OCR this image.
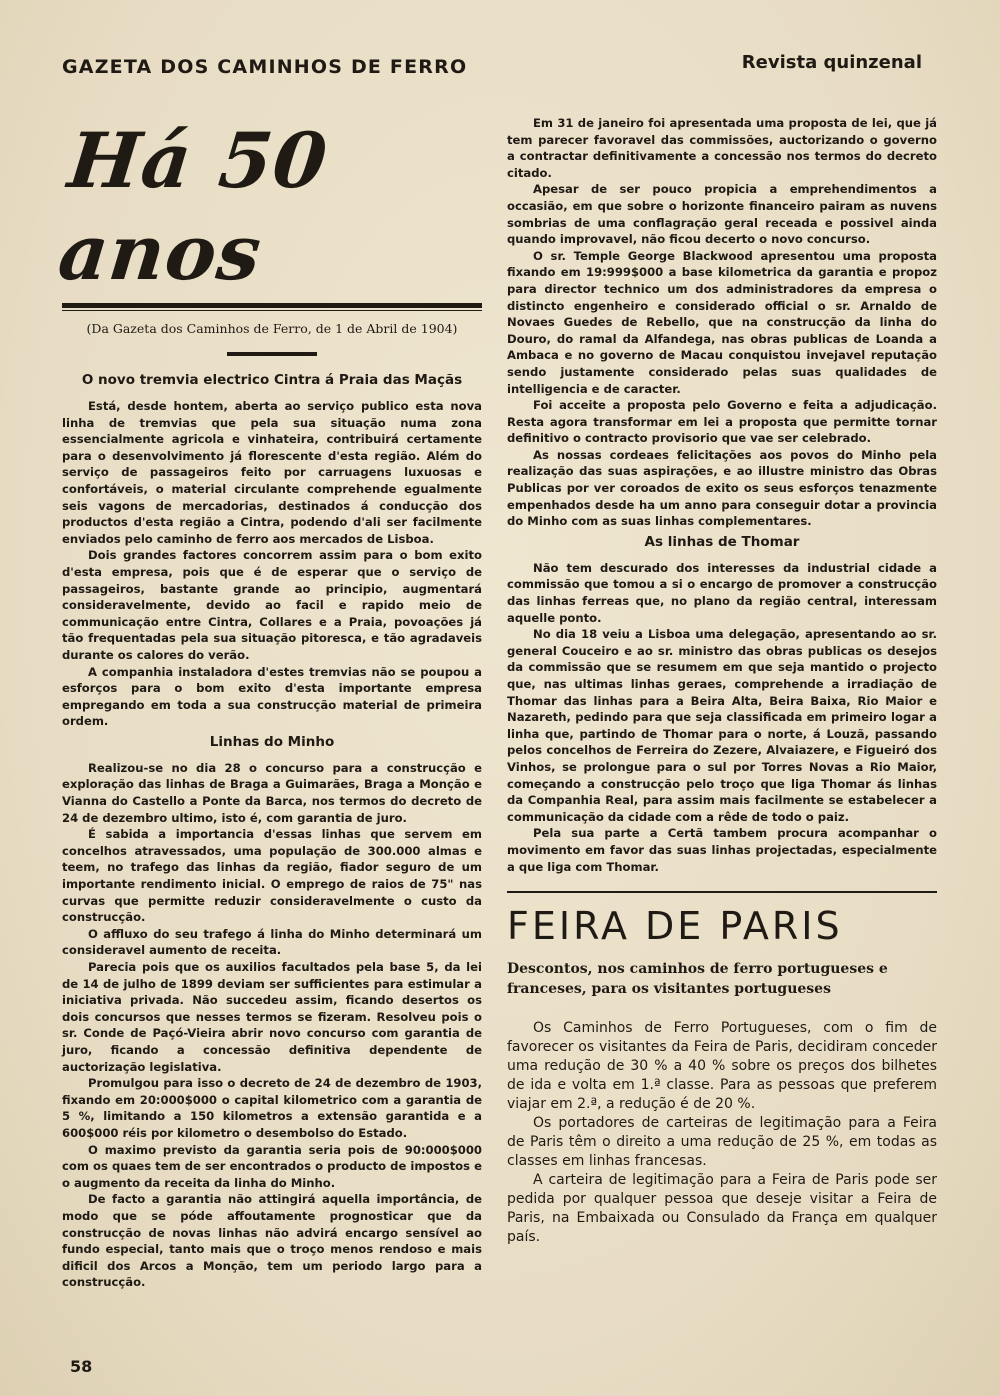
GAZETA DOS CAMINHOS DE FERRO	Revista quinzenal
Há 50 anos
(Da Gazeta dos Caminhos de Ferro, de 1 de Abril de 1904)
O novo tremvia electrico Cintra á Praia das Maçãs

Está, desde hontem, aberta ao serviço publico esta nova linha de tremvias que pela sua situação numa zona essencialmente agricola e vinhateira, contribuirá certamente para o desenvolvimento já florescente d'esta região. Além do serviço de passageiros feito por carruagens luxuosas e confortáveis, o material circulante comprehende egualmente seis vagons de mercadorias, destinados á conducção dos productos d'esta região a Cintra, podendo d'ali ser facilmente enviados pelo caminho de ferro aos mercados de Lisboa.

Dois grandes factores concorrem assim para o bom exito d'esta empresa, pois que é de esperar que o serviço de passageiros, bastante grande ao principio, augmentará consideravelmente, devido ao facil e rapido meio de communicação entre Cintra, Collares e a Praia, povoações já tão frequentadas pela sua situação pitoresca, e tão agradaveis durante os calores do verão.

A companhia instaladora d'estes tremvias não se poupou a esforços para o bom exito d'esta importante empresa empregando em toda a sua construcção material de primeira ordem.

Linhas do Minho

Realizou-se no dia 28 o concurso para a construcção e exploração das linhas de Braga a Guimarães, Braga a Monção e Vianna do Castello a Ponte da Barca, nos termos do decreto de 24 de dezembro ultimo, isto é, com garantia de juro.

É sabida a importancia d'essas linhas que servem em concelhos atravessados, uma população de 300.000 almas e teem, no trafego das linhas da região, fiador seguro de um importante rendimento inicial. O emprego de raios de 75" nas curvas que permitte reduzir consideravelmente o custo da construcção.

O affluxo do seu trafego á linha do Minho determinará um consideravel aumento de receita.

Parecia pois que os auxilios facultados pela base 5, da lei de 14 de julho de 1899 deviam ser sufficientes para estimular a iniciativa privada. Não succedeu assim, ficando desertos os dois concursos que nesses termos se fizeram. Resolveu pois o sr. Conde de Paçó-Vieira abrir novo concurso com garantia de juro, ficando a concessão definitiva dependente de auctorização legislativa.

Promulgou para isso o decreto de 24 de dezembro de 1903, fixando em 20:000$000 o capital kilometrico com a garantia de 5 %, limitando a 150 kilometros a extensão garantida e a 600$000 réis por kilometro o desembolso do Estado.

O maximo previsto da garantia seria pois de 90:000$000 com os quaes tem de ser encontrados o producto de impostos e o augmento da receita da linha do Minho.

De facto a garantia não attingirá aquella importância, de modo que se póde affoutamente prognosticar que da construcção de novas linhas não advirá encargo sensível ao fundo especial, tanto mais que o troço menos rendoso e mais dificil dos Arcos a Monção, tem um periodo largo para a construcção.

Em 31 de janeiro foi apresentada uma proposta de lei, que já tem parecer favoravel das commissões, auctorizando o governo a contractar definitivamente a concessão nos termos do decreto citado.

Apesar de ser pouco propicia a emprehendimentos a occasião, em que sobre o horizonte financeiro pairam as nuvens sombrias de uma conflagração geral receada e possivel ainda quando improvavel, não ficou decerto o novo concurso.

O sr. Temple George Blackwood apresentou uma proposta fixando em 19:999$000 a base kilometrica da garantia e propoz para director technico um dos administradores da empresa o distincto engenheiro e considerado official o sr. Arnaldo de Novaes Guedes de Rebello, que na construcção da linha do Douro, do ramal da Alfandega, nas obras publicas de Loanda a Ambaca e no governo de Macau conquistou invejavel reputação sendo justamente considerado pelas suas qualidades de intelligencia e de caracter.

Foi acceite a proposta pelo Governo e feita a adjudicação. Resta agora transformar em lei a proposta que permitte tornar definitivo o contracto provisorio que vae ser celebrado.

As nossas cordeaes felicitações aos povos do Minho pela realização das suas aspirações, e ao illustre ministro das Obras Publicas por ver coroados de exito os seus esforços tenazmente empenhados desde ha um anno para conseguir dotar a provincia do Minho com as suas linhas complementares.

As linhas de Thomar

Não tem descurado dos interesses da industrial cidade a commissão que tomou a si o encargo de promover a construcção das linhas ferreas que, no plano da região central, interessam aquelle ponto.

No dia 18 veiu a Lisboa uma delegação, apresentando ao sr. general Couceiro e ao sr. ministro das obras publicas os desejos da commissão que se resumem em que seja mantido o projecto que, nas ultimas linhas geraes, comprehende a irradiação de Thomar das linhas para a Beira Alta, Beira Baixa, Rio Maior e Nazareth, pedindo para que seja classificada em primeiro logar a linha que, partindo de Thomar para o norte, á Louzã, passando pelos concelhos de Ferreira do Zezere, Alvaiazere, e Figueiró dos Vinhos, se prolongue para o sul por Torres Novas a Rio Maior, começando a construcção pelo troço que liga Thomar ás linhas da Companhia Real, para assim mais facilmente se estabelecer a communicação da cidade com a rêde de todo o paiz.

Pela sua parte a Certã tambem procura acompanhar o movimento em favor das suas linhas projectadas, especialmente a que liga com Thomar.

FEIRA DE PARIS
Descontos, nos caminhos de ferro portugueses e franceses, para os visitantes portugueses

Os Caminhos de Ferro Portugueses, com o fim de favorecer os visitantes da Feira de Paris, decidiram conceder uma redução de 30 % a 40 % sobre os preços dos bilhetes de ida e volta em 1.ª classe. Para as pessoas que preferem viajar em 2.ª, a redução é de 20 %.

Os portadores de carteiras de legitimação para a Feira de Paris têm o direito a uma redução de 25 %, em todas as classes em linhas francesas.

A carteira de legitimação para a Feira de Paris pode ser pedida por qualquer pessoa que deseje visitar a Feira de Paris, na Embaixada ou Consulado da França em qualquer país.

58
